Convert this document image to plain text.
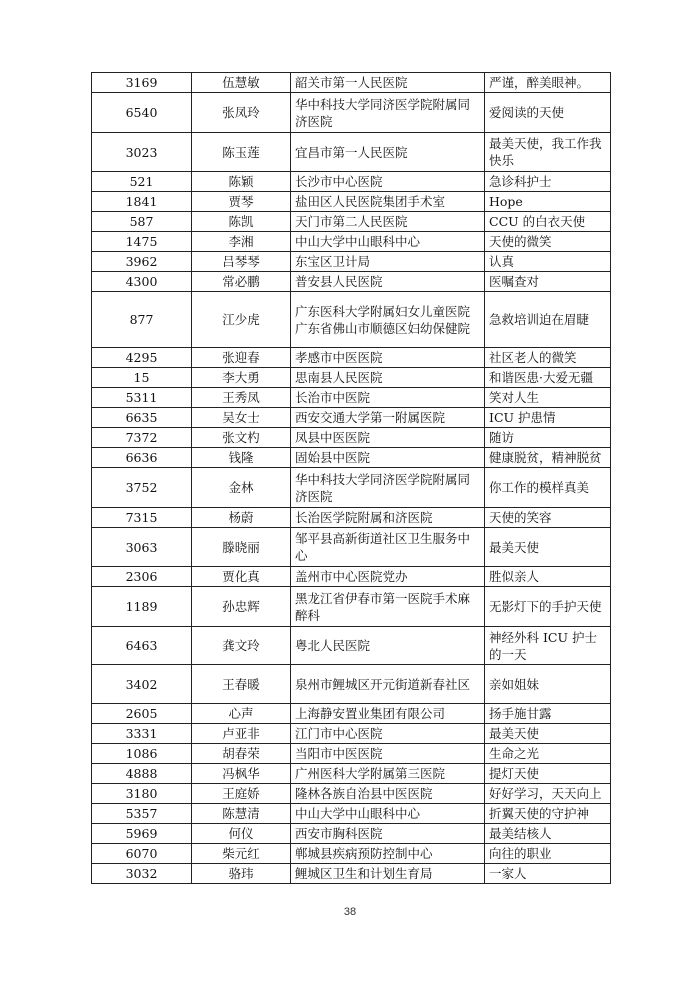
3169	伍慧敏	韶关市第一人民医院	严谨，醉美眼神。
6540	张凤玲	华中科技大学同济医学院附属同济医院	爱阅读的天使
3023	陈玉莲	宜昌市第一人民医院	最美天使，我工作我快乐
521	陈颖	长沙市中心医院	急诊科护士
1841	贾琴	盐田区人民医院集团手术室	Hope
587	陈凯	天门市第二人民医院	CCU 的白衣天使
1475	李湘	中山大学中山眼科中心	天使的微笑
3962	吕琴琴	东宝区卫计局	认真
4300	常必鹏	普安县人民医院	医嘱查对
877	江少虎	广东医科大学附属妇女儿童医院广东省佛山市顺德区妇幼保健院	急救培训迫在眉睫
4295	张迎春	孝感市中医医院	社区老人的微笑
15	李大勇	思南县人民医院	和谐医患·大爱无疆
5311	王秀凤	长治市中医院	笑对人生
6635	吴女士	西安交通大学第一附属医院	ICU 护患情
7372	张文杓	凤县中医医院	随访
6636	钱隆	固始县中医院	健康脱贫，精神脱贫
3752	金林	华中科技大学同济医学院附属同济医院	你工作的模样真美
7315	杨蔚	长治医学院附属和济医院	天使的笑容
3063	滕晓丽	邹平县高新街道社区卫生服务中心	最美天使
2306	贾化真	盖州市中心医院党办	胜似亲人
1189	孙忠辉	黑龙江省伊春市第一医院手术麻醉科	无影灯下的手护天使
6463	龚文玲	粤北人民医院	神经外科 ICU 护士的一天
3402	王春暖	泉州市鲤城区开元街道新春社区	亲如姐妹
2605	心声	上海静安置业集团有限公司	扬手施甘露
3331	卢亚非	江门市中心医院	最美天使
1086	胡春荣	当阳市中医医院	生命之光
4888	冯枫华	广州医科大学附属第三医院	提灯天使
3180	王庭娇	隆林各族自治县中医医院	好好学习，天天向上
5357	陈慧清	中山大学中山眼科中心	折翼天使的守护神
5969	何仪	西安市胸科医院	最美结核人
6070	柴元红	郸城县疾病预防控制中心	向往的职业
3032	骆玮	鲤城区卫生和计划生育局	一家人
38
